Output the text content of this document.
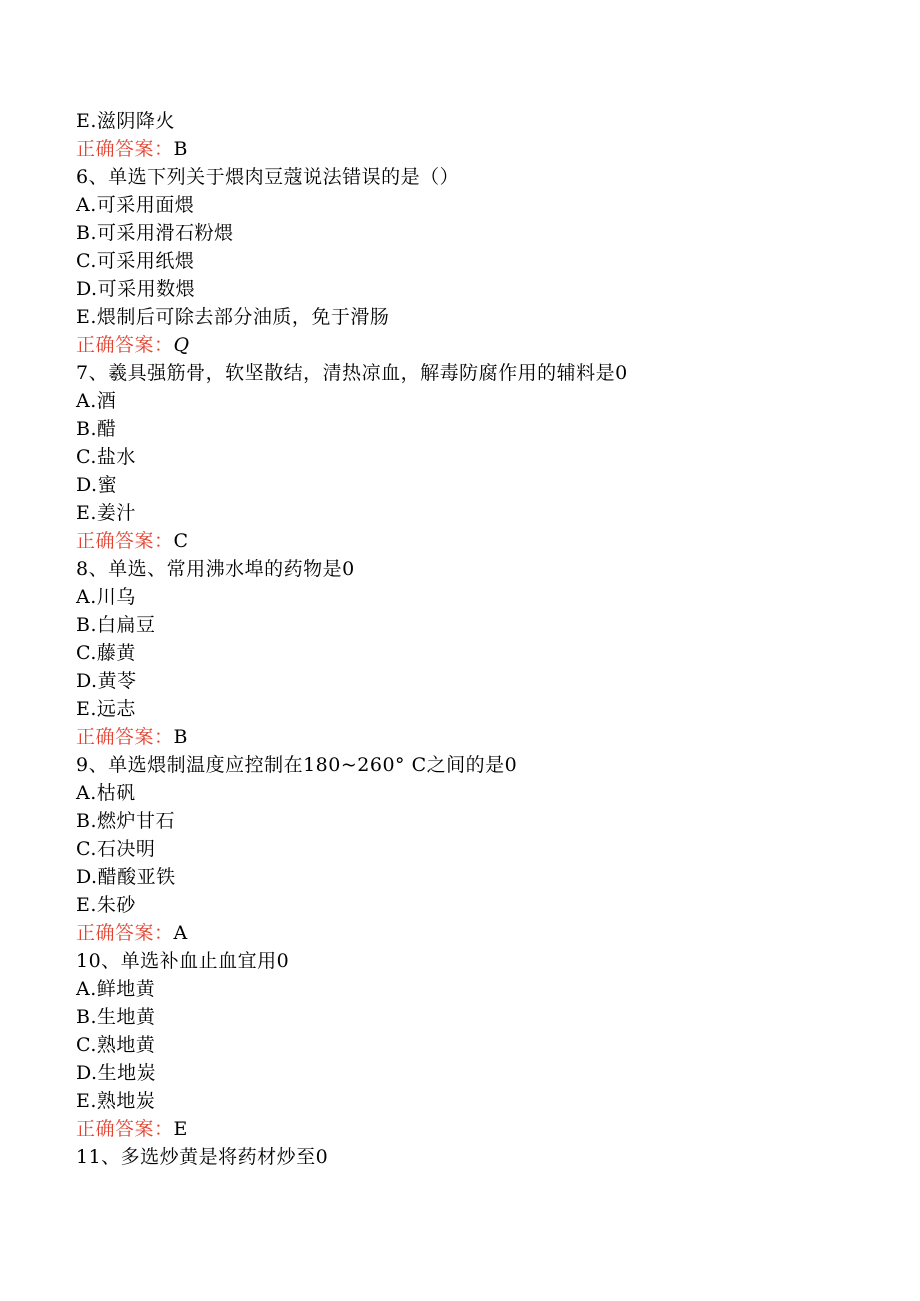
E.滋阴降火
正确答案：B
6、单选下列关于煨肉豆蔻说法错误的是（）
A.可采用面煨
B.可采用滑石粉煨
C.可采用纸煨
D.可采用数煨
E.煨制后可除去部分油质，免于滑肠
正确答案：Q
7、羲具强筋骨，软坚散结，清热凉血，解毒防腐作用的辅料是0
A.酒
B.醋
C.盐水
D.蜜
E.姜汁
正确答案：C
8、单选、常用沸水埠的药物是0
A.川乌
B.白扁豆
C.藤黄
D.黄苓
E.远志
正确答案：B
9、单选煨制温度应控制在180~260° C之间的是0
A.枯矾
B.燃炉甘石
C.石决明
D.醋酸亚铁
E.朱砂
正确答案：A
10、单选补血止血宜用0
A.鲜地黄
B.生地黄
C.熟地黄
D.生地炭
E.熟地炭
正确答案：E
11、多选炒黄是将药材炒至0
